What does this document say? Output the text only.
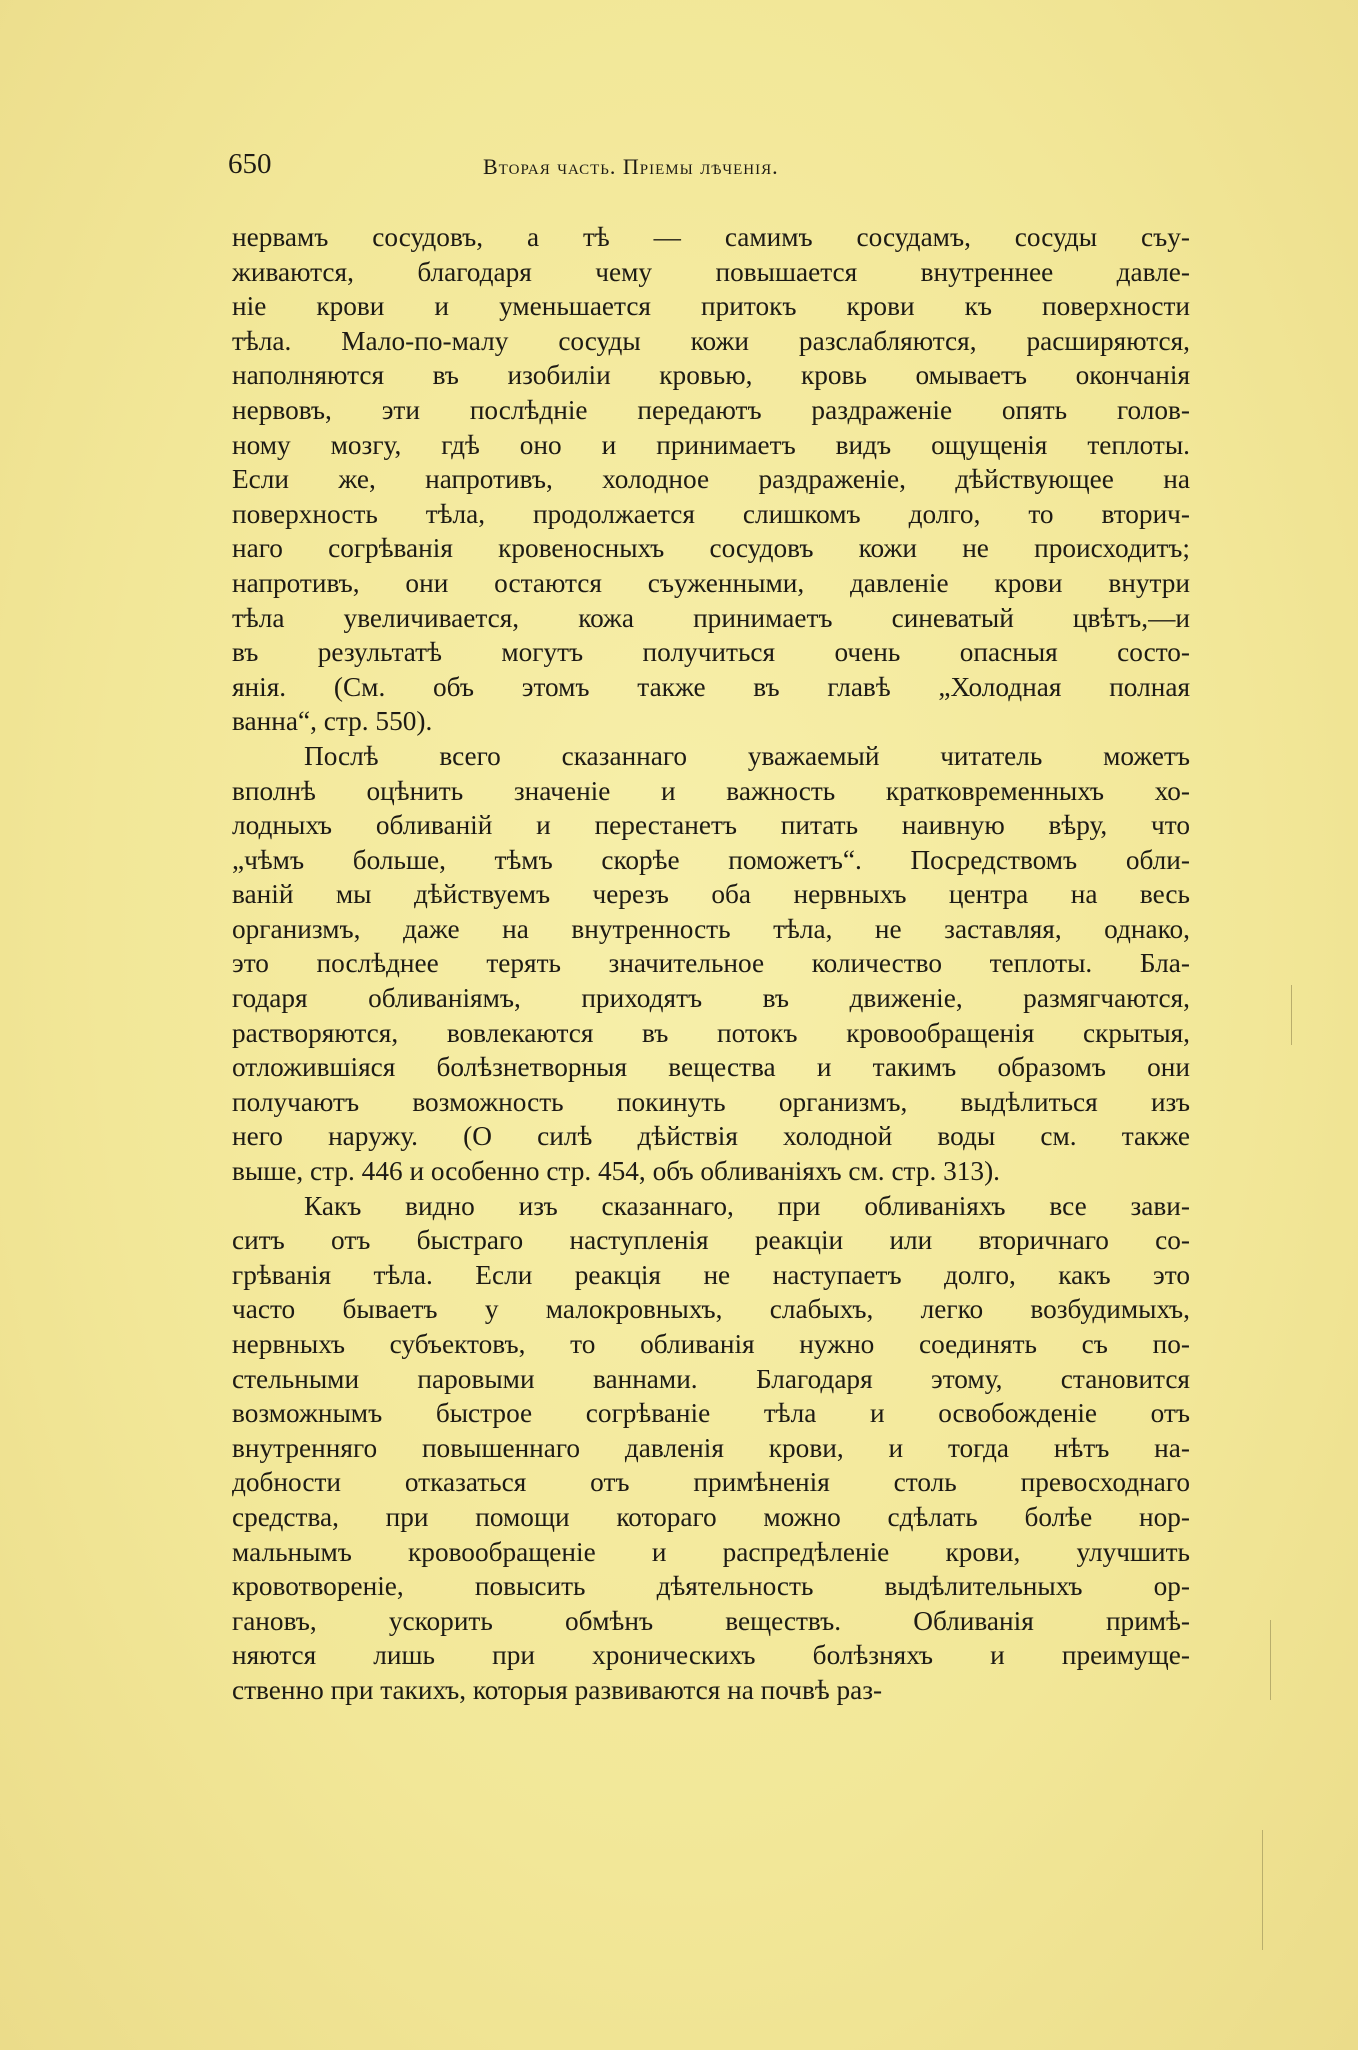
650	Вторая часть. Пріемы лѣченія.
нервамъ сосудовъ, а тѣ — самимъ сосудамъ, сосуды съу-
живаются, благодаря чему повышается внутреннее давле-
ніе крови и уменьшается притокъ крови къ поверхности
тѣла. Мало-по-малу сосуды кожи разслабляются, расширяются,
наполняются въ изобиліи кровью, кровь омываетъ окончанія
нервовъ, эти послѣдніе передаютъ раздраженіе опять голов-
ному мозгу, гдѣ оно и принимаетъ видъ ощущенія теплоты.
Если же, напротивъ, холодное раздраженіе, дѣйствующее на
поверхность тѣла, продолжается слишкомъ долго, то вторич-
наго согрѣванія кровеносныхъ сосудовъ кожи не происходитъ;
напротивъ, они остаются съуженными, давленіе крови внутри
тѣла увеличивается, кожа принимаетъ синеватый цвѣтъ,—и
въ результатѣ могутъ получиться очень опасныя состо-
янія. (См. объ этомъ также въ главѣ „Холодная полная
ванна“, стр. 550).
Послѣ всего сказаннаго уважаемый читатель можетъ
вполнѣ оцѣнить значеніе и важность кратковременныхъ хо-
лодныхъ обливаній и перестанетъ питать наивную вѣру, что
„чѣмъ больше, тѣмъ скорѣе поможетъ“. Посредствомъ обли-
ваній мы дѣйствуемъ черезъ оба нервныхъ центра на весь
организмъ, даже на внутренность тѣла, не заставляя, однако,
это послѣднее терять значительное количество теплоты. Бла-
годаря обливаніямъ, приходятъ въ движеніе, размягчаются,
растворяются, вовлекаются въ потокъ кровообращенія скрытыя,
отложившіяся болѣзнетворныя вещества и такимъ образомъ они
получаютъ возможность покинуть организмъ, выдѣлиться изъ
него наружу. (О силѣ дѣйствія холодной воды см. также
выше, стр. 446 и особенно стр. 454, объ обливаніяхъ см. стр. 313).
Какъ видно изъ сказаннаго, при обливаніяхъ все зави-
ситъ отъ быстраго наступленія реакціи или вторичнаго со-
грѣванія тѣла. Если реакція не наступаетъ долго, какъ это
часто бываетъ у малокровныхъ, слабыхъ, легко возбудимыхъ,
нервныхъ субъектовъ, то обливанія нужно соединять съ по-
стельными паровыми ваннами. Благодаря этому, становится
возможнымъ быстрое согрѣваніе тѣла и освобожденіе отъ
внутренняго повышеннаго давленія крови, и тогда нѣтъ на-
добности отказаться отъ примѣненія столь превосходнаго
средства, при помощи котораго можно сдѣлать болѣе нор-
мальнымъ кровообращеніе и распредѣленіе крови, улучшить
кровотвореніе, повысить дѣятельность выдѣлительныхъ ор-
гановъ, ускорить обмѣнъ веществъ. Обливанія примѣ-
няются лишь при хроническихъ болѣзняхъ и преимуще-
ственно при такихъ, которыя развиваются на почвѣ раз-
